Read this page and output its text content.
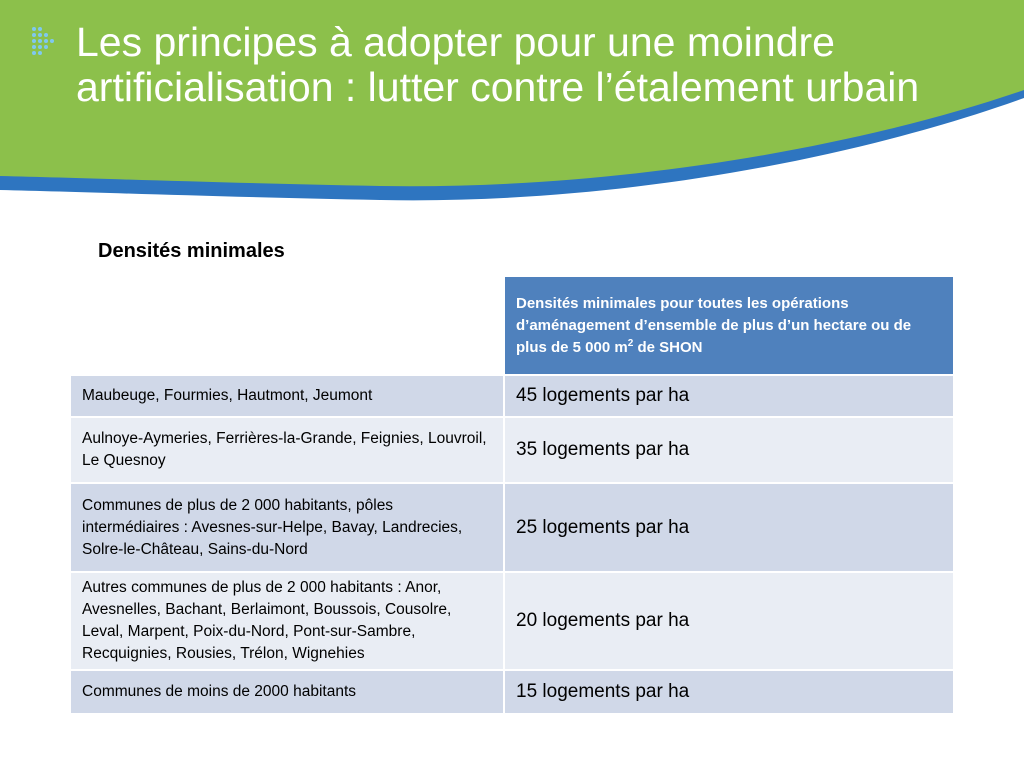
Les principes à adopter pour une moindre artificialisation : lutter contre l’étalement urbain
Densités minimales
	Densités minimales pour toutes les opérations d’aménagement d’ensemble de plus d’un hectare ou de plus de 5 000 $m^2$ de SHON
Maubeuge, Fourmies, Hautmont, Jeumont	45 logements par ha
Aulnoye-Aymeries, Ferrières-la-Grande, Feignies, Louvroil, Le Quesnoy	35 logements par ha
Communes de plus de 2 000 habitants, pôles intermédiaires : Avesnes-sur-Helpe, Bavay, Landrecies, Solre-le-Château, Sains-du-Nord	25 logements par ha
Autres communes de plus de 2 000 habitants : Anor, Avesnelles, Bachant, Berlaimont, Boussois, Cousolre, Leval, Marpent, Poix-du-Nord, Pont-sur-Sambre, Recquignies, Rousies, Trélon, Wignehies	20 logements par ha
Communes de moins de 2000 habitants	15 logements par ha
